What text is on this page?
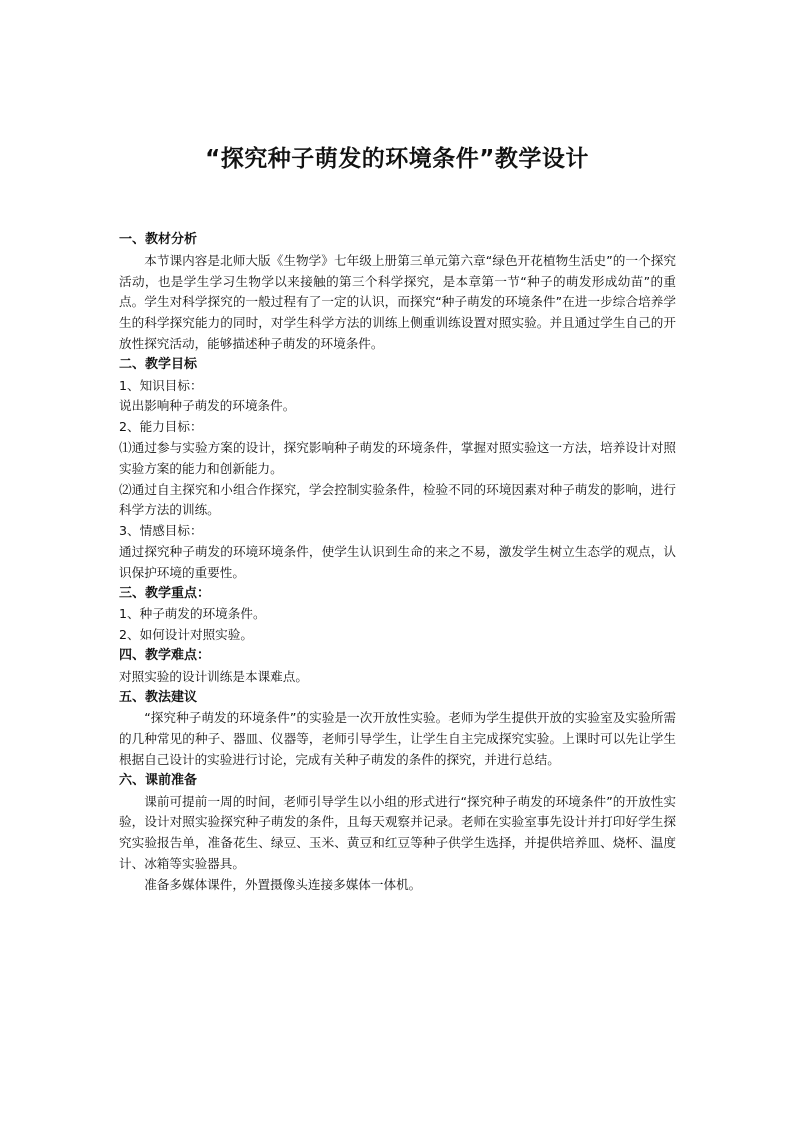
“探究种子萌发的环境条件”教学设计
一、教材分析

本节课内容是北师大版《生物学》七年级上册第三单元第六章“绿色开花植物生活史”的一个探究活动，也是学生学习生物学以来接触的第三个科学探究，是本章第一节“种子的萌发形成幼苗”的重点。学生对科学探究的一般过程有了一定的认识，而探究“种子萌发的环境条件”在进一步综合培养学生的科学探究能力的同时，对学生科学方法的训练上侧重训练设置对照实验。并且通过学生自己的开放性探究活动，能够描述种子萌发的环境条件。

二、教学目标
1、知识目标：
说出影响种子萌发的环境条件。
2、能力目标：

⑴通过参与实验方案的设计，探究影响种子萌发的环境条件，掌握对照实验这一方法，培养设计对照实验方案的能力和创新能力。

⑵通过自主探究和小组合作探究，学会控制实验条件，检验不同的环境因素对种子萌发的影响，进行科学方法的训练。

3、情感目标：

通过探究种子萌发的环境环境条件，使学生认识到生命的来之不易，激发学生树立生态学的观点，认识保护环境的重要性。

三、教学重点：
1、种子萌发的环境条件。
2、如何设计对照实验。
四、教学难点：
对照实验的设计训练是本课难点。
五、教法建议

“探究种子萌发的环境条件”的实验是一次开放性实验。老师为学生提供开放的实验室及实验所需的几种常见的种子、器皿、仪器等，老师引导学生，让学生自主完成探究实验。上课时可以先让学生根据自己设计的实验进行讨论，完成有关种子萌发的条件的探究，并进行总结。

六、课前准备

课前可提前一周的时间，老师引导学生以小组的形式进行“探究种子萌发的环境条件”的开放性实验，设计对照实验探究种子萌发的条件，且每天观察并记录。老师在实验室事先设计并打印好学生探究实验报告单，准备花生、绿豆、玉米、黄豆和红豆等种子供学生选择，并提供培养皿、烧杯、温度计、冰箱等实验器具。

准备多媒体课件，外置摄像头连接多媒体一体机。
